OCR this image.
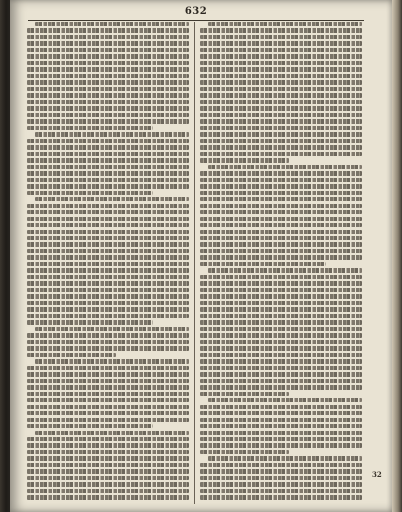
632
32
